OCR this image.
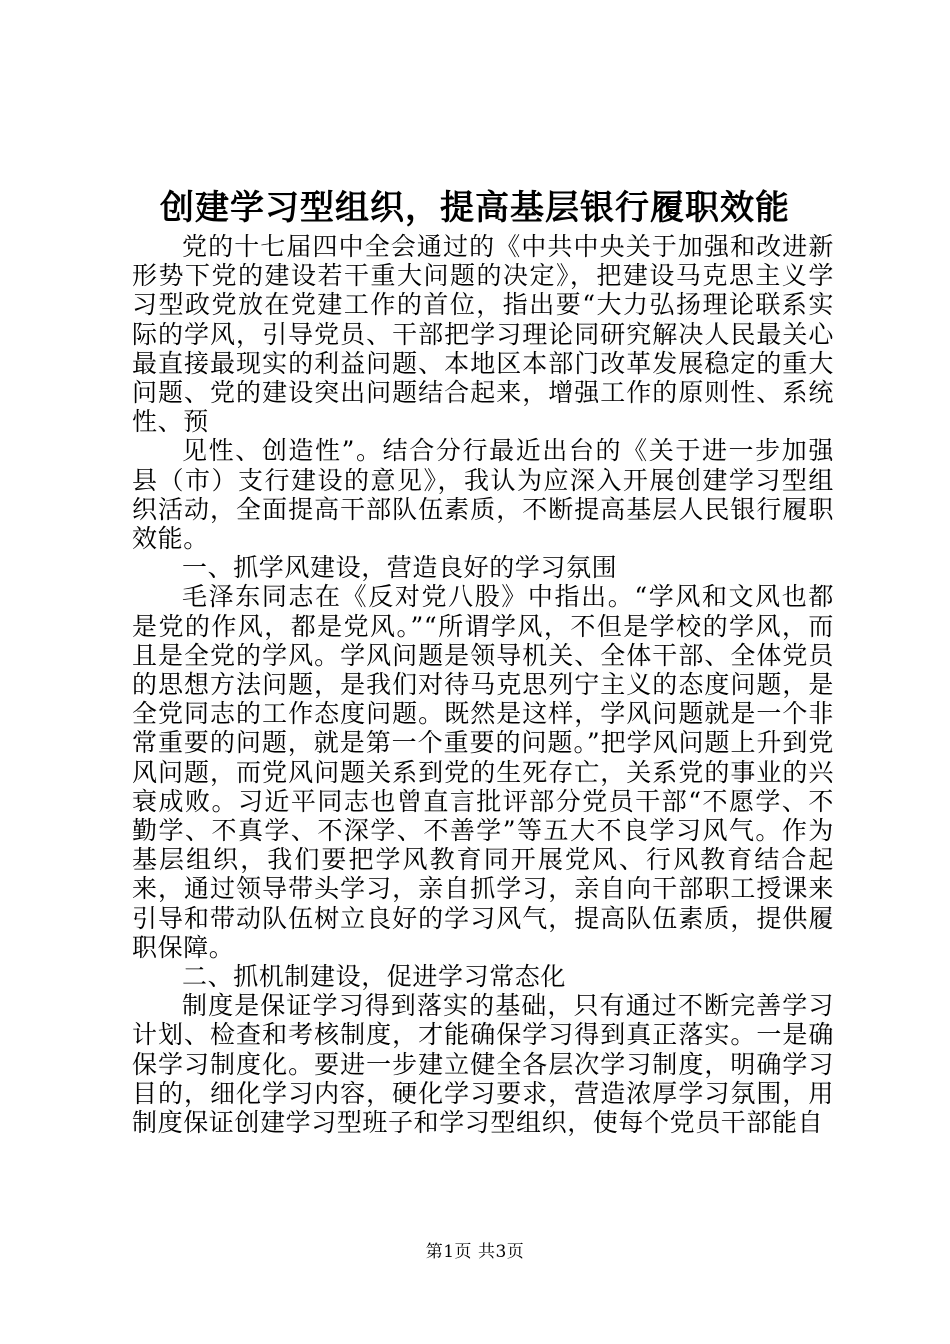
创建学习型组织，提高基层银行履职效能

党的十七届四中全会通过的《中共中央关于加强和改进新形势下党的建设若干重大问题的决定》，把建设马克思主义学习型政党放在党建工作的首位，指出要“大力弘扬理论联系实际的学风，引导党员、干部把学习理论同研究解决人民最关心最直接最现实的利益问题、本地区本部门改革发展稳定的重大问题、党的建设突出问题结合起来，增强工作的原则性、系统性、预

见性、创造性”。结合分行最近出台的《关于进一步加强县（市）支行建设的意见》，我认为应深入开展创建学习型组织活动，全面提高干部队伍素质，不断提高基层人民银行履职效能。

一、抓学风建设，营造良好的学习氛围

毛泽东同志在《反对党八股》中指出。“学风和文风也都是党的作风，都是党风。”“所谓学风，不但是学校的学风，而且是全党的学风。学风问题是领导机关、全体干部、全体党员的思想方法问题，是我们对待马克思列宁主义的态度问题，是全党同志的工作态度问题。既然是这样，学风问题就是一个非常重要的问题，就是第一个重要的问题。”把学风问题上升到党风问题，而党风问题关系到党的生死存亡，关系党的事业的兴衰成败。习近平同志也曾直言批评部分党员干部“不愿学、不勤学、不真学、不深学、不善学”等五大不良学习风气。作为基层组织，我们要把学风教育同开展党风、行风教育结合起来，通过领导带头学习，亲自抓学习，亲自向干部职工授课来引导和带动队伍树立良好的学习风气，提高队伍素质，提供履职保障。

二、抓机制建设，促进学习常态化

制度是保证学习得到落实的基础，只有通过不断完善学习计划、检查和考核制度，才能确保学习得到真正落实。一是确保学习制度化。要进一步建立健全各层次学习制度，明确学习目的，细化学习内容，硬化学习要求，营造浓厚学习氛围，用制度保证创建学习型班子和学习型组织，使每个党员干部能自

第1页 共3页
